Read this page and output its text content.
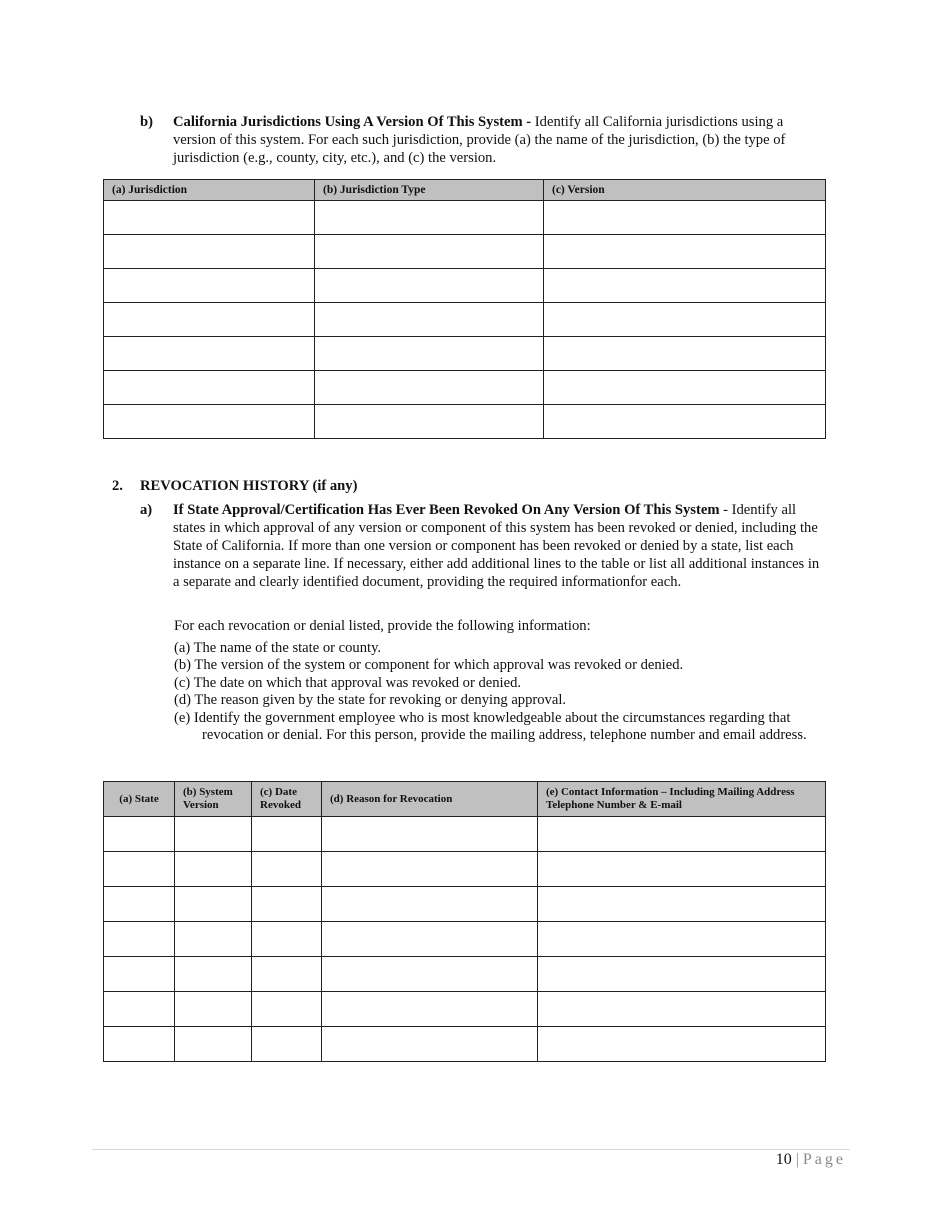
b) California Jurisdictions Using A Version Of This System - Identify all California jurisdictions using a version of this system. For each such jurisdiction, provide (a) the name of the jurisdiction, (b) the type of jurisdiction (e.g., county, city, etc.), and (c) the version.
(a) Jurisdiction	(b) Jurisdiction Type	(c) Version

2. REVOCATION HISTORY (if any)
a) If State Approval/Certification Has Ever Been Revoked On Any Version Of This System - Identify all states in which approval of any version or component of this system has been revoked or denied, including the State of California. If more than one version or component has been revoked or denied by a state, list each instance on a separate line. If necessary, either add additional lines to the table or list all additional instances in a separate and clearly identified document, providing the required informationfor each.
For each revocation or denial listed, provide the following information:
(a) The name of the state or county.
(b) The version of the system or component for which approval was revoked or denied.
(c) The date on which that approval was revoked or denied.
(d) The reason given by the state for revoking or denying approval.
(e) Identify the government employee who is most knowledgeable about the circumstances regarding that revocation or denial. For this person, provide the mailing address, telephone number and email address.
(a) State	(b) System Version	(c) Date Revoked	(d) Reason for Revocation	(e) Contact Information – Including Mailing Address Telephone Number & E-mail

10 | Page
